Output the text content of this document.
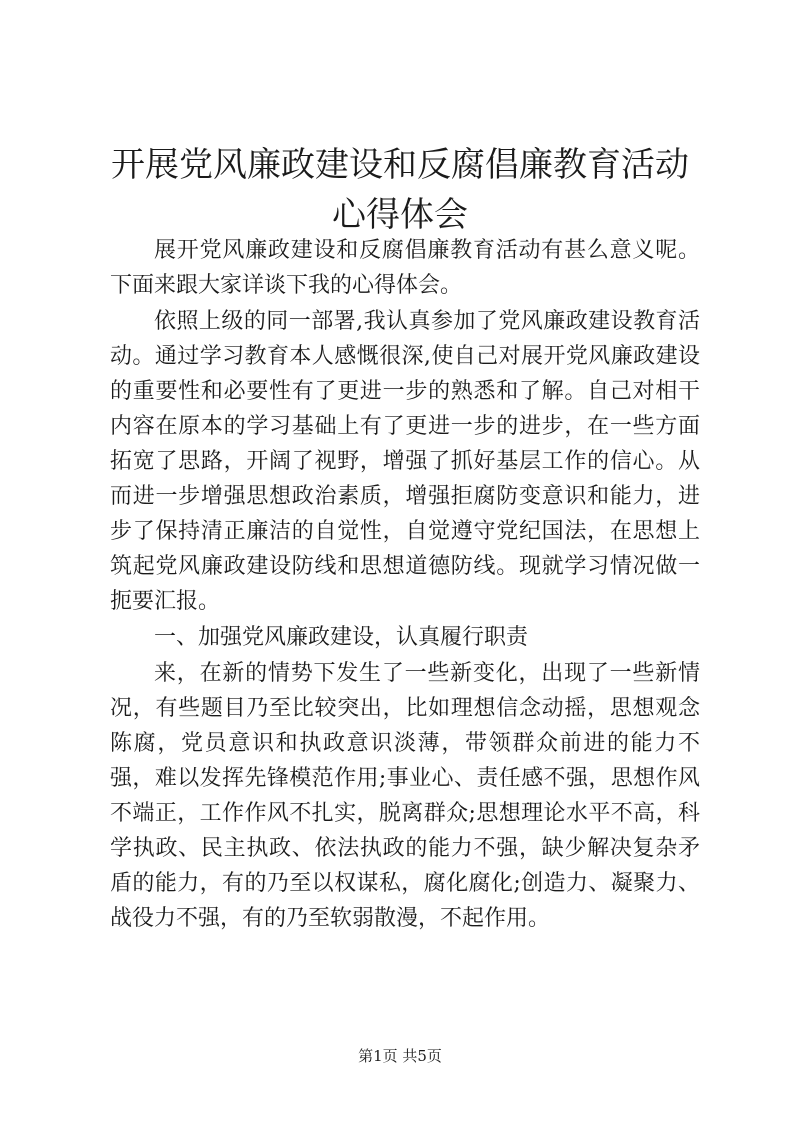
开展党风廉政建设和反腐倡廉教育活动心得体会

展开党风廉政建设和反腐倡廉教育活动有甚么意义呢。下面来跟大家详谈下我的心得体会。

依照上级的同一部署,我认真参加了党风廉政建设教育活动。通过学习教育本人感慨很深,使自己对展开党风廉政建设的重要性和必要性有了更进一步的熟悉和了解。自己对相干内容在原本的学习基础上有了更进一步的进步，在一些方面拓宽了思路，开阔了视野，增强了抓好基层工作的信心。从而进一步增强思想政治素质，增强拒腐防变意识和能力，进步了保持清正廉洁的自觉性，自觉遵守党纪国法，在思想上筑起党风廉政建设防线和思想道德防线。现就学习情况做一扼要汇报。

一、加强党风廉政建设，认真履行职责

来，在新的情势下发生了一些新变化，出现了一些新情况，有些题目乃至比较突出，比如理想信念动摇，思想观念陈腐，党员意识和执政意识淡薄，带领群众前进的能力不强，难以发挥先锋模范作用;事业心、责任感不强，思想作风不端正，工作作风不扎实，脱离群众;思想理论水平不高，科学执政、民主执政、依法执政的能力不强，缺少解决复杂矛盾的能力，有的乃至以权谋私，腐化腐化;创造力、凝聚力、战役力不强，有的乃至软弱散漫，不起作用。

第1页 共5页
